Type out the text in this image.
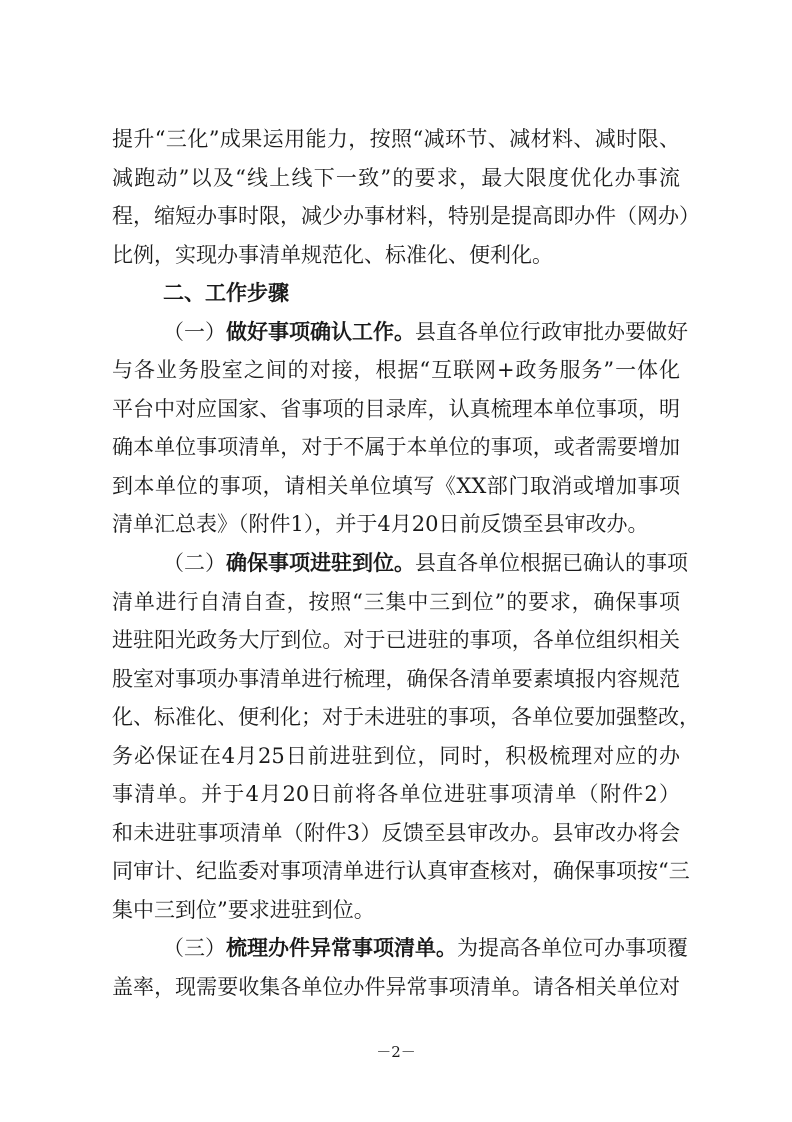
提升“三化”成果运用能力，按照“减环节、减材料、减时限、
减跑动”以及“线上线下一致”的要求，最大限度优化办事流
程，缩短办事时限，减少办事材料，特别是提高即办件（网办）
比例，实现办事清单规范化、标准化、便利化。
二、工作步骤
（一）做好事项确认工作。县直各单位行政审批办要做好
与各业务股室之间的对接，根据“互联网+政务服务”一体化
平台中对应国家、省事项的目录库，认真梳理本单位事项，明
确本单位事项清单，对于不属于本单位的事项，或者需要增加
到本单位的事项，请相关单位填写《XX部门取消或增加事项
清单汇总表》（附件1），并于4月20日前反馈至县审改办。
（二）确保事项进驻到位。县直各单位根据已确认的事项
清单进行自清自查，按照“三集中三到位”的要求，确保事项
进驻阳光政务大厅到位。对于已进驻的事项，各单位组织相关
股室对事项办事清单进行梳理，确保各清单要素填报内容规范
化、标准化、便利化；对于未进驻的事项，各单位要加强整改，
务必保证在4月25日前进驻到位，同时，积极梳理对应的办
事清单。并于4月20日前将各单位进驻事项清单（附件2）
和未进驻事项清单（附件3）反馈至县审改办。县审改办将会
同审计、纪监委对事项清单进行认真审查核对，确保事项按“三
集中三到位”要求进驻到位。
（三）梳理办件异常事项清单。为提高各单位可办事项覆
盖率，现需要收集各单位办件异常事项清单。请各相关单位对
－2－
